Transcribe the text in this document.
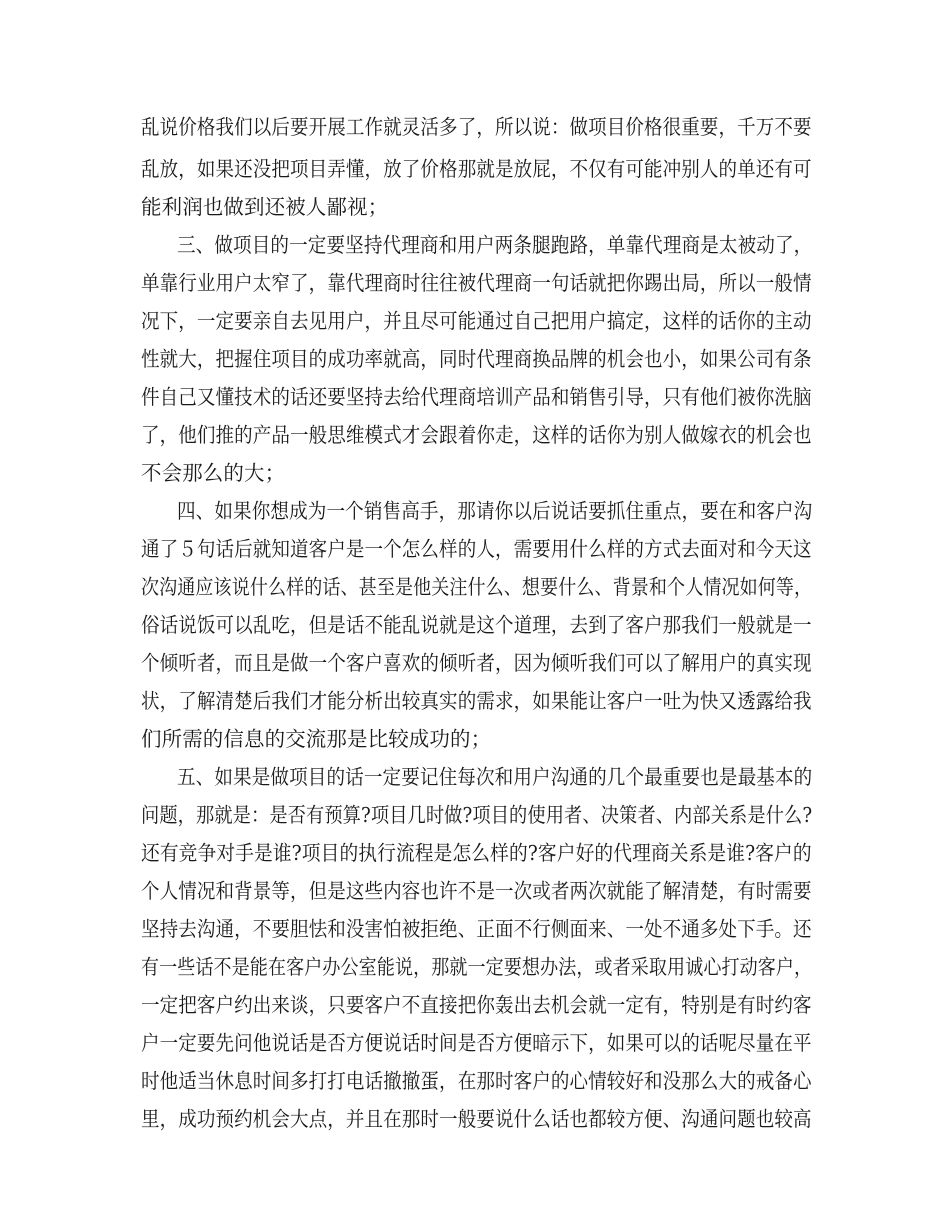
乱说价格我们以后要开展工作就灵活多了，所以说：做项目价格很重要，千万不要
乱放，如果还没把项目弄懂，放了价格那就是放屁，不仅有可能冲别人的单还有可
能利润也做到还被人鄙视；
三、做项目的一定要坚持代理商和用户两条腿跑路，单靠代理商是太被动了，
单靠行业用户太窄了，靠代理商时往往被代理商一句话就把你踢出局，所以一般情
况下，一定要亲自去见用户，并且尽可能通过自己把用户搞定，这样的话你的主动
性就大，把握住项目的成功率就高，同时代理商换品牌的机会也小，如果公司有条
件自己又懂技术的话还要坚持去给代理商培训产品和销售引导，只有他们被你洗脑
了，他们推的产品一般思维模式才会跟着你走，这样的话你为别人做嫁衣的机会也
不会那么的大；
四、如果你想成为一个销售高手，那请你以后说话要抓住重点，要在和客户沟
通了５句话后就知道客户是一个怎么样的人，需要用什么样的方式去面对和今天这
次沟通应该说什么样的话、甚至是他关注什么、想要什么、背景和个人情况如何等，
俗话说饭可以乱吃，但是话不能乱说就是这个道理，去到了客户那我们一般就是一
个倾听者，而且是做一个客户喜欢的倾听者，因为倾听我们可以了解用户的真实现
状，了解清楚后我们才能分析出较真实的需求，如果能让客户一吐为快又透露给我
们所需的信息的交流那是比较成功的；
五、如果是做项目的话一定要记住每次和用户沟通的几个最重要也是最基本的
问题，那就是：是否有预算?项目几时做?项目的使用者、决策者、内部关系是什么?
还有竞争对手是谁?项目的执行流程是怎么样的?客户好的代理商关系是谁?客户的
个人情况和背景等，但是这些内容也许不是一次或者两次就能了解清楚，有时需要
坚持去沟通，不要胆怯和没害怕被拒绝、正面不行侧面来、一处不通多处下手。还
有一些话不是能在客户办公室能说，那就一定要想办法，或者采取用诚心打动客户，
一定把客户约出来谈，只要客户不直接把你轰出去机会就一定有，特别是有时约客
户一定要先问他说话是否方便说话时间是否方便暗示下，如果可以的话呢尽量在平
时他适当休息时间多打打电话撤撤蛋，在那时客户的心情较好和没那么大的戒备心
里，成功预约机会大点，并且在那时一般要说什么话也都较方便、沟通问题也较高
